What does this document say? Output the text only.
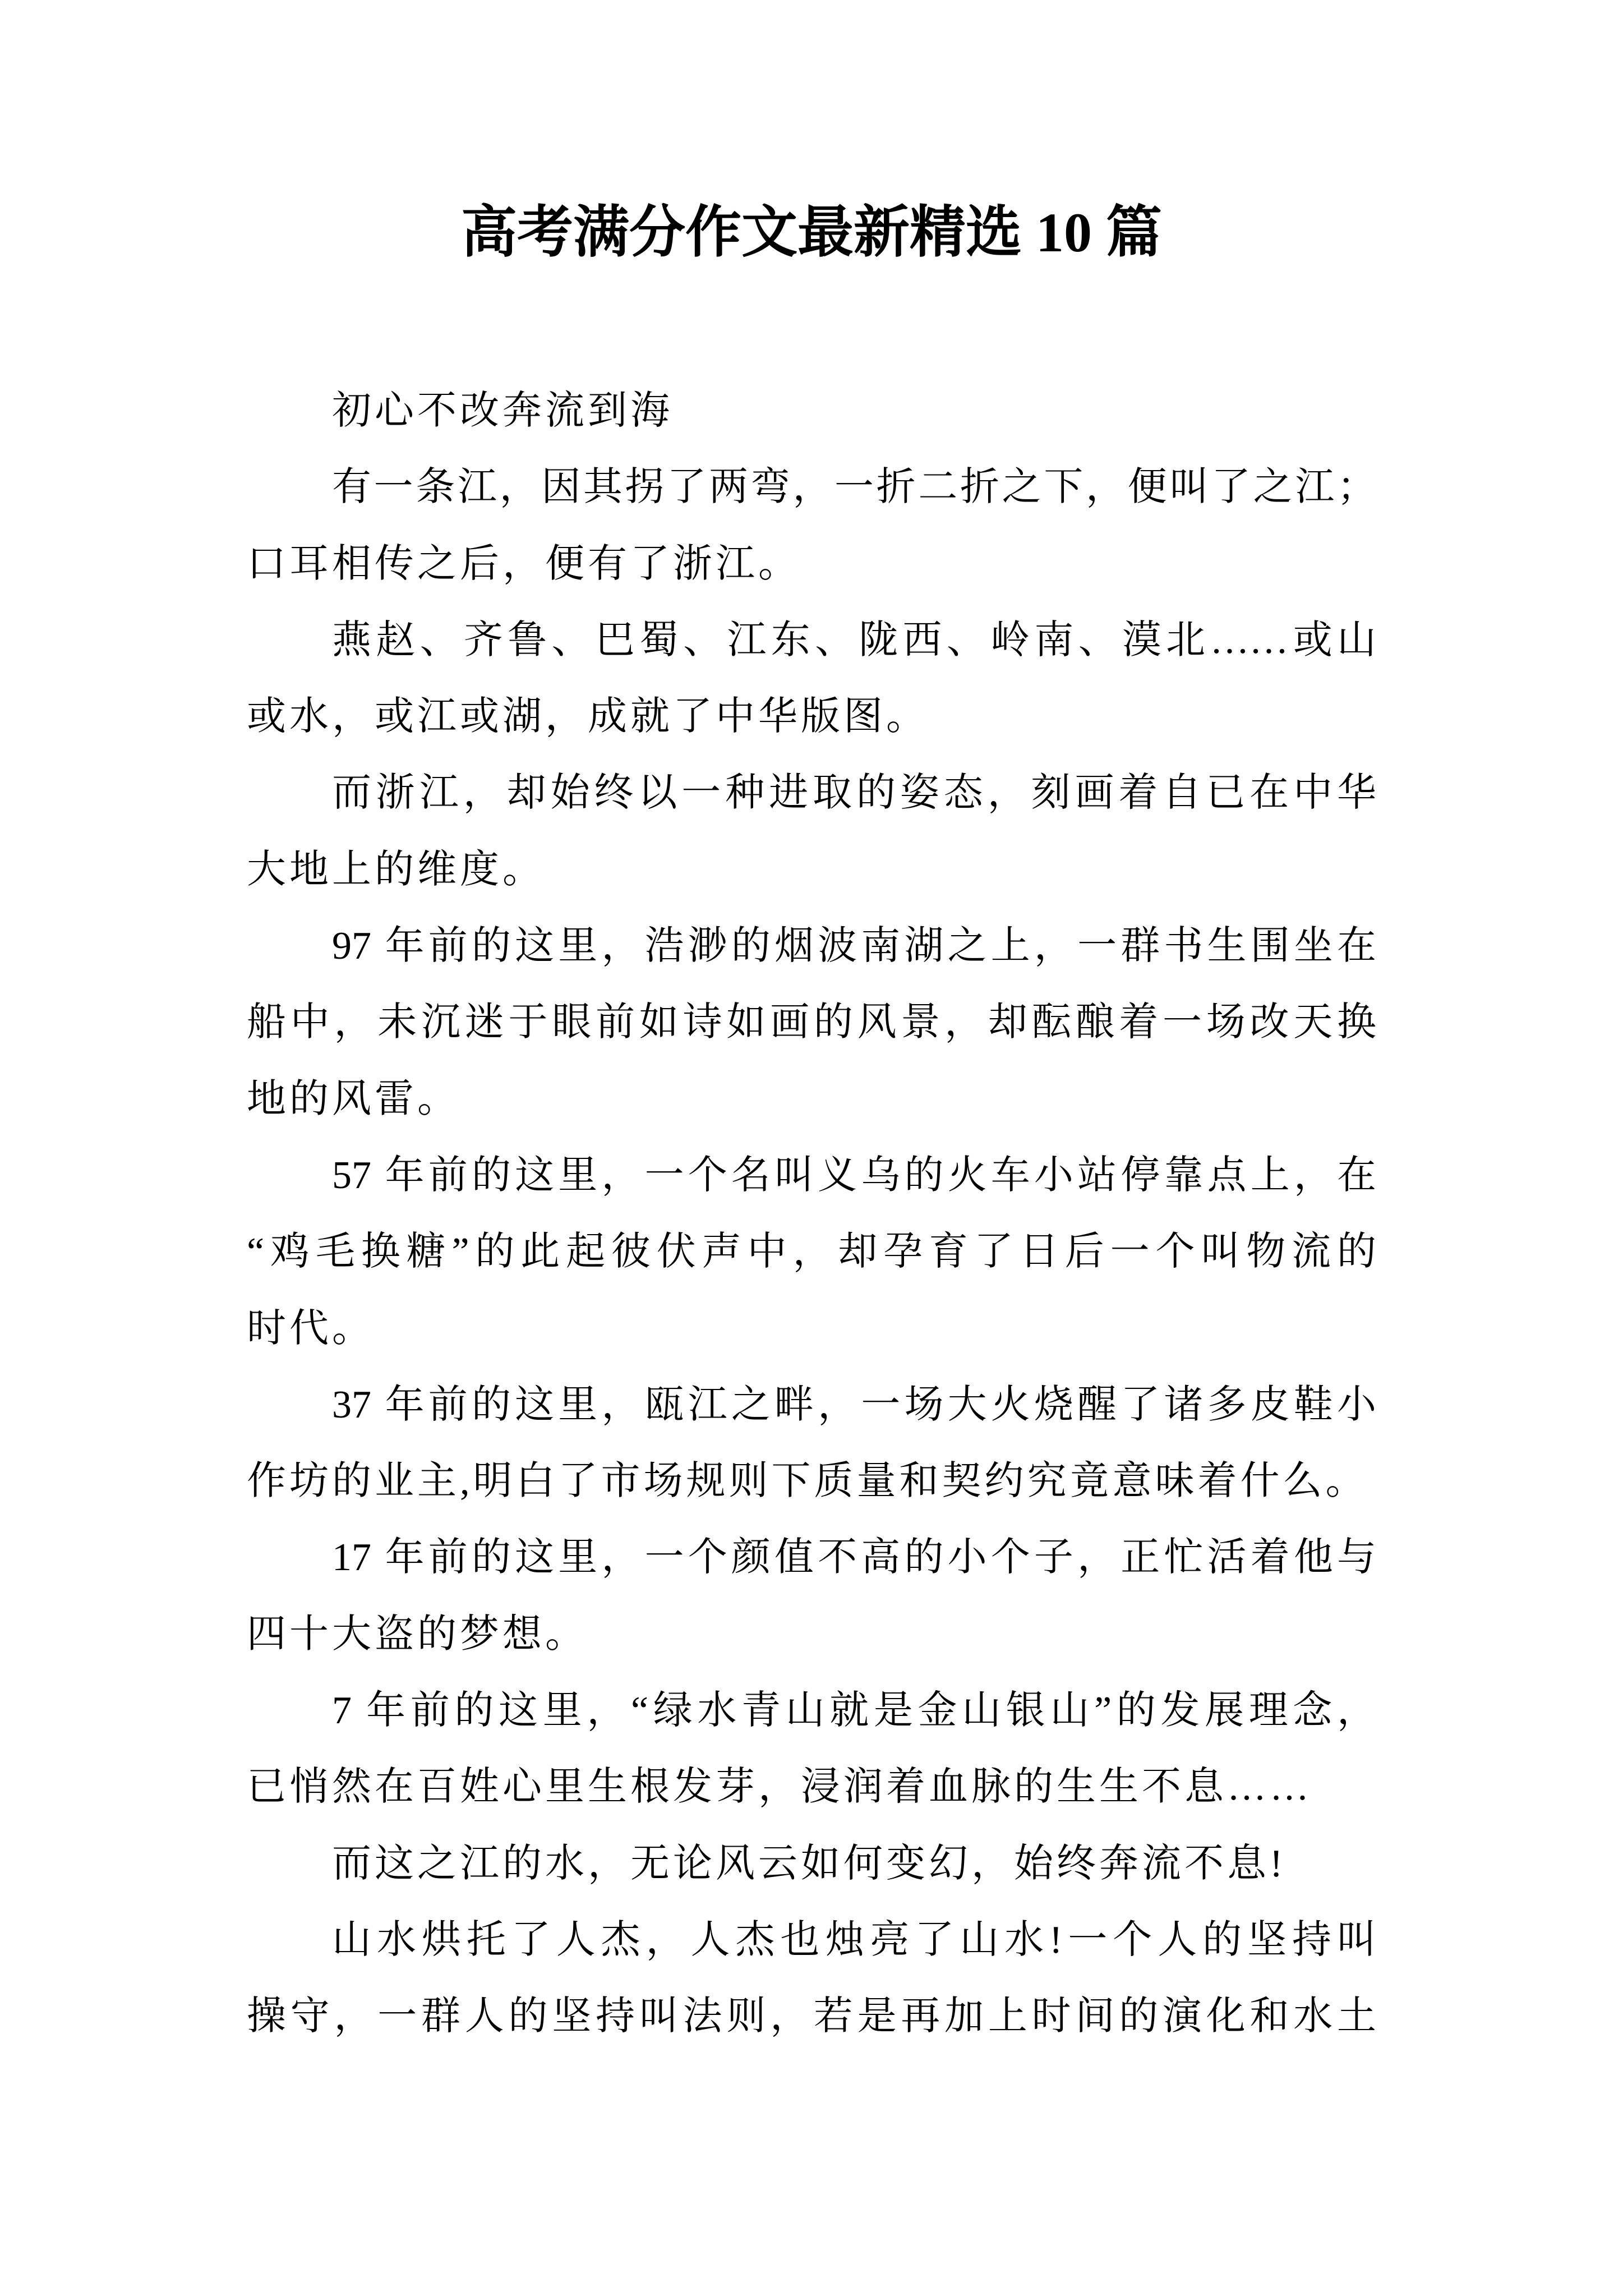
高考满分作文最新精选 10 篇
初心不改奔流到海
有一条江，因其拐了两弯，一折二折之下，便叫了之江；
口耳相传之后，便有了浙江。
燕赵、齐鲁、巴蜀、江东、陇西、岭南、漠北……或山
或水，或江或湖，成就了中华版图。
而浙江，却始终以一种进取的姿态，刻画着自已在中华
大地上的维度。
97 年前的这里，浩渺的烟波南湖之上，一群书生围坐在
船中，未沉迷于眼前如诗如画的风景，却酝酿着一场改天换
地的风雷。
57 年前的这里，一个名叫义乌的火车小站停靠点上，在
“鸡毛换糖”的此起彼伏声中，却孕育了日后一个叫物流的
时代。
37 年前的这里，瓯江之畔，一场大火烧醒了诸多皮鞋小
作坊的业主,明白了市场规则下质量和契约究竟意味着什么。
17 年前的这里，一个颜值不高的小个子，正忙活着他与
四十大盗的梦想。
7 年前的这里，“绿水青山就是金山银山”的发展理念，
已悄然在百姓心里生根发芽，浸润着血脉的生生不息……
而这之江的水，无论风云如何变幻，始终奔流不息!
山水烘托了人杰，人杰也烛亮了山水!一个人的坚持叫
操守，一群人的坚持叫法则，若是再加上时间的演化和水土
